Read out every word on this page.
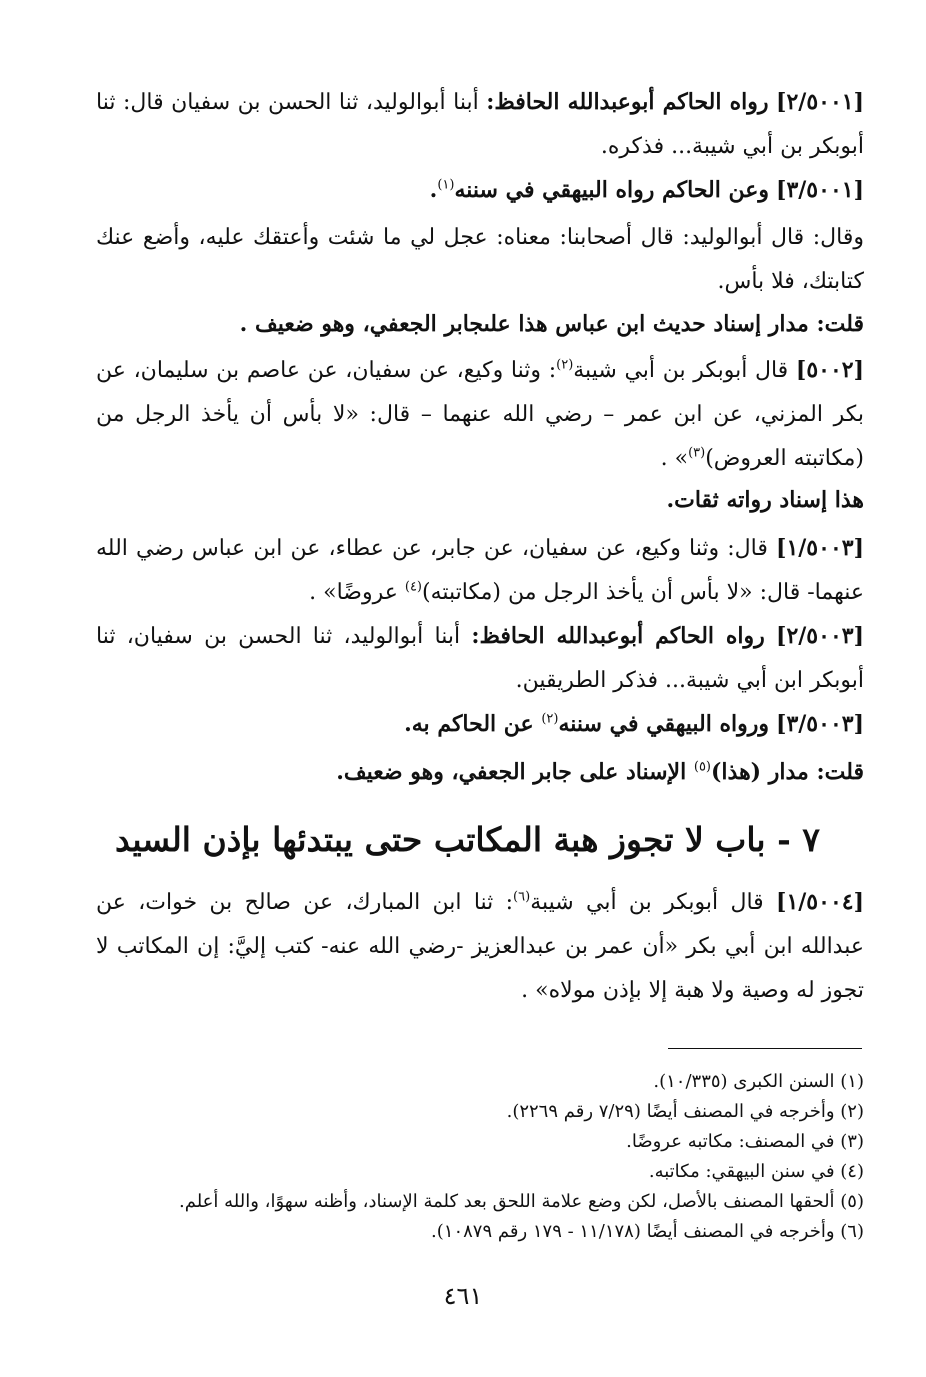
[٢/٥٠٠١] رواه الحاكم أبوعبدالله الحافظ: أبنا أبوالوليد، ثنا الحسن بن سفيان قال: ثنا أبوبكر بن أبي شيبة... فذكره.

[٣/٥٠٠١] وعن الحاكم رواه البيهقي في سننه$^{(١)}$.

وقال: قال أبوالوليد: قال أصحابنا: معناه: عجل لي ما شئت وأعتقك عليه، وأضع عنك كتابتك، فلا بأس.

قلت: مدار إسناد حديث ابن عباس هذا علىجابر الجعفي، وهو ضعيف .

[٥٠٠٢] قال أبوبكر بن أبي شيبة$^{(٢)}$: وثنا وكيع، عن سفيان، عن عاصم بن سليمان، عن بكر المزني، عن ابن عمر – رضي الله عنهما – قال: «لا بأس أن يأخذ الرجل من (مكاتبته العروض)$^{(٣)}$» .

هذا إسناد رواته ثقات.

[١/٥٠٠٣] قال: وثنا وكيع، عن سفيان، عن جابر، عن عطاء، عن ابن عباس رضي الله عنهما- قال: «لا بأس أن يأخذ الرجل من (مكاتبته)$^{(٤)}$ عروضًا» .

[٢/٥٠٠٣] رواه الحاكم أبوعبدالله الحافظ: أبنا أبوالوليد، ثنا الحسن بن سفيان، ثنا أبوبكر ابن أبي شيبة... فذكر الطريقين.

[٣/٥٠٠٣] ورواه البيهقي في سننه$^{(٢)}$ عن الحاكم به.

قلت: مدار (هذا)$^{(٥)}$ الإسناد على جابر الجعفي، وهو ضعيف.

٧ - باب لا تجوز هبة المكاتب حتى يبتدئها بإذن السيد

[١/٥٠٠٤] قال أبوبكر بن أبي شيبة$^{(٦)}$: ثنا ابن المبارك، عن صالح بن خوات، عن عبدالله ابن أبي بكر «أن عمر بن عبدالعزيز -رضي الله عنه- كتب إليَّ: إن المكاتب لا تجوز له وصية ولا هبة إلا بإذن مولاه» .

(١) السنن الكبرى (١٠/٣٣٥).

(٢) وأخرجه في المصنف أيضًا (٧/٢٩ رقم ٢٢٦٩).

(٣) في المصنف: مكاتبه عروضًا.

(٤) في سنن البيهقي: مكاتبه.

(٥) ألحقها المصنف بالأصل، لكن وضع علامة اللحق بعد كلمة الإسناد، وأظنه سهوًا، والله أعلم.

(٦) وأخرجه في المصنف أيضًا (١١/١٧٨ - ١٧٩ رقم ١٠٨٧٩).

٤٦١
